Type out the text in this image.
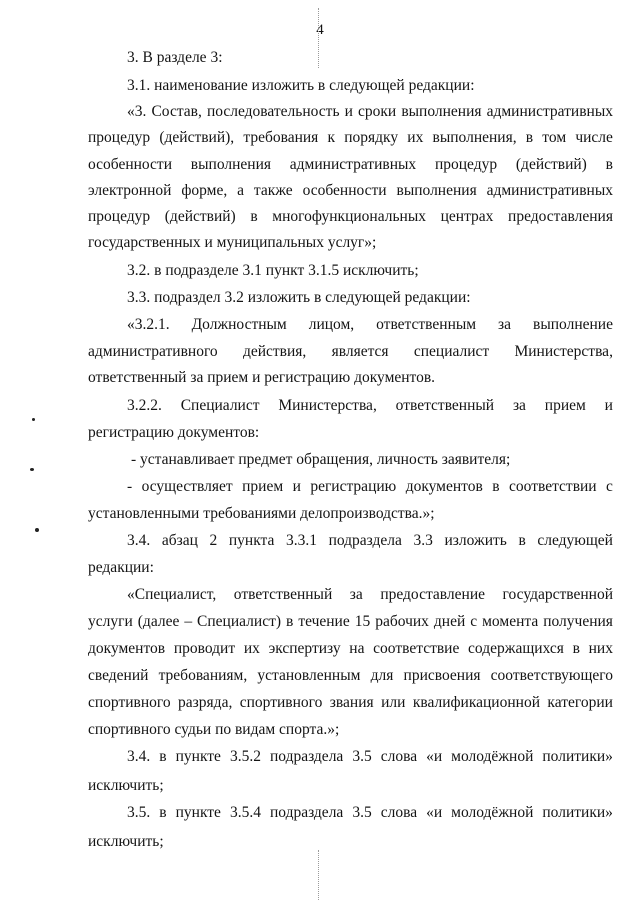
4
3. В разделе 3:
3.1. наименование изложить в следующей редакции:
«3. Состав, последовательность и сроки выполнения административных
процедур (действий), требования к порядку их выполнения, в том числе
особенности выполнения административных процедур (действий) в
электронной форме, а также особенности выполнения административных
процедур (действий) в многофункциональных центрах предоставления
государственных и муниципальных услуг»;
3.2. в подразделе 3.1 пункт 3.1.5 исключить;
3.3. подраздел 3.2 изложить в следующей редакции:
«3.2.1. Должностным лицом, ответственным за выполнение
административного действия, является специалист Министерства,
ответственный за прием и регистрацию документов.
3.2.2. Специалист Министерства, ответственный за прием и
регистрацию документов:
- устанавливает предмет обращения, личность заявителя;
- осуществляет прием и регистрацию документов в соответствии с
установленными требованиями делопроизводства.»;
3.4. абзац 2 пункта 3.3.1 подраздела 3.3 изложить в следующей
редакции:
«Специалист, ответственный за предоставление государственной
услуги (далее – Специалист) в течение 15 рабочих дней с момента получения
документов проводит их экспертизу на соответствие содержащихся в них
сведений требованиям, установленным для присвоения соответствующего
спортивного разряда, спортивного звания или квалификационной категории
спортивного судьи по видам спорта.»;
3.4. в пункте 3.5.2 подраздела 3.5 слова «и молодёжной политики»
исключить;
3.5. в пункте 3.5.4 подраздела 3.5 слова «и молодёжной политики»
исключить;
